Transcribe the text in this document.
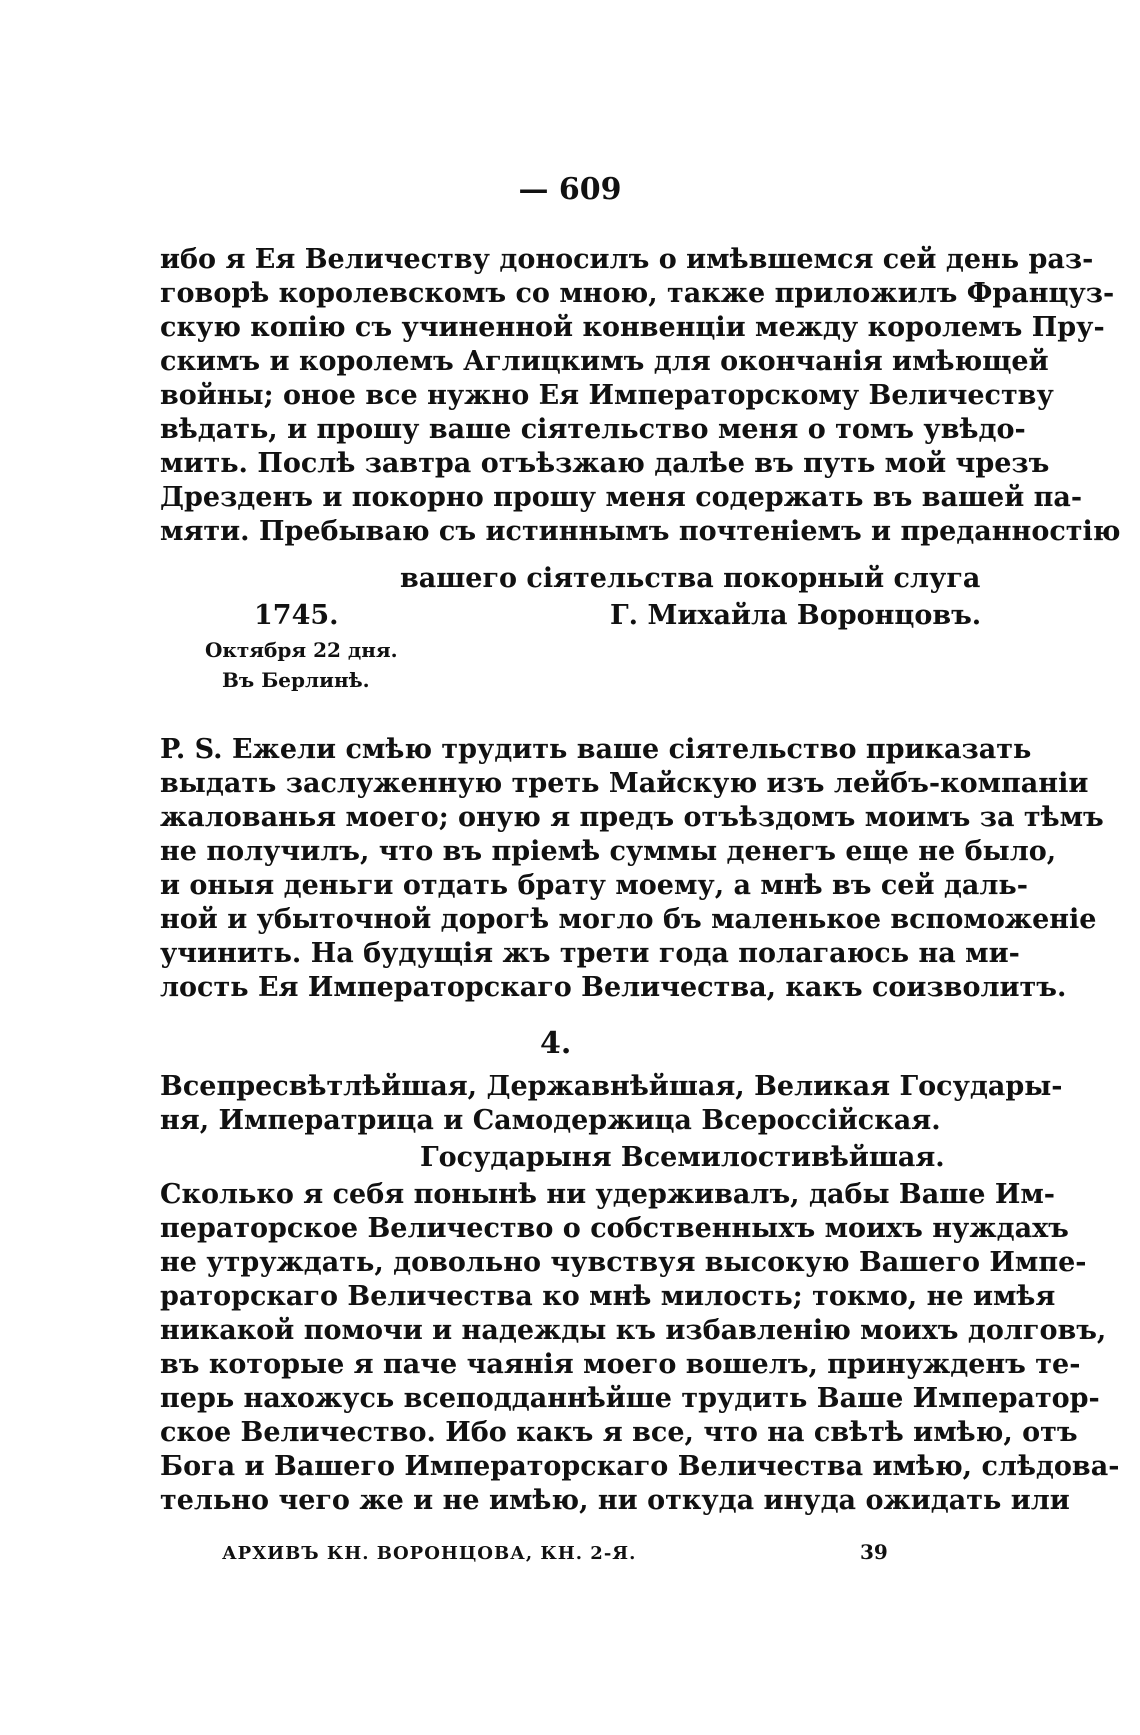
— 609
ибо я Ея Величеству доносилъ о имѣвшемся сей день раз-
говорѣ королевскомъ со мною, также приложилъ Француз-
скую копію съ учиненной конвенціи между королемъ Пру-
скимъ и королемъ Аглицкимъ для окончанія имѣющей
войны; оное все нужно Ея Императорскому Величеству
вѣдать, и прошу ваше сіятельство меня о томъ увѣдо-
мить. Послѣ завтра отъѣзжаю далѣе въ путь мой чрезъ
Дрезденъ и покорно прошу меня содержать въ вашей па-
мяти. Пребываю съ истиннымъ почтеніемъ и преданностію
вашего сіятельства покорный слуга
1745.	Г. Михайла Воронцовъ.
Октября 22 дня.
Въ Берлинѣ.
P. S. Ежели смѣю трудить ваше сіятельство приказать
выдать заслуженную треть Майскую изъ лейбъ-компаніи
жалованья моего; оную я предъ отъѣздомъ моимъ за тѣмъ
не получилъ, что въ пріемѣ суммы денегъ еще не было,
и оныя деньги отдать брату моему, а мнѣ въ сей даль-
ной и убыточной дорогѣ могло бъ маленькое вспоможеніе
учинить. На будущія жъ трети года полагаюсь на ми-
лость Ея Императорскаго Величества, какъ соизволитъ.
4.
Всепресвѣтлѣйшая, Державнѣйшая, Великая Государы-
ня, Императрица и Самодержица Всероссійская.
Государыня Всемилостивѣйшая.
Сколько я себя понынѣ ни удерживалъ, дабы Ваше Им-
ператорское Величество о собственныхъ моихъ нуждахъ
не утруждать, довольно чувствуя высокую Вашего Импе-
раторскаго Величества ко мнѣ милость; токмо, не имѣя
никакой помочи и надежды къ избавленію моихъ долговъ,
въ которые я паче чаянія моего вошелъ, принужденъ те-
перь нахожусь всеподданнѣйше трудить Ваше Император-
ское Величество. Ибо какъ я все, что на свѣтѣ имѣю, отъ
Бога и Вашего Императорскаго Величества имѣю, слѣдова-
тельно чего же и не имѣю, ни откуда инуда ожидать или
АРХИВЪ КН. ВОРОНЦОВА, КН. 2-Я.	39
